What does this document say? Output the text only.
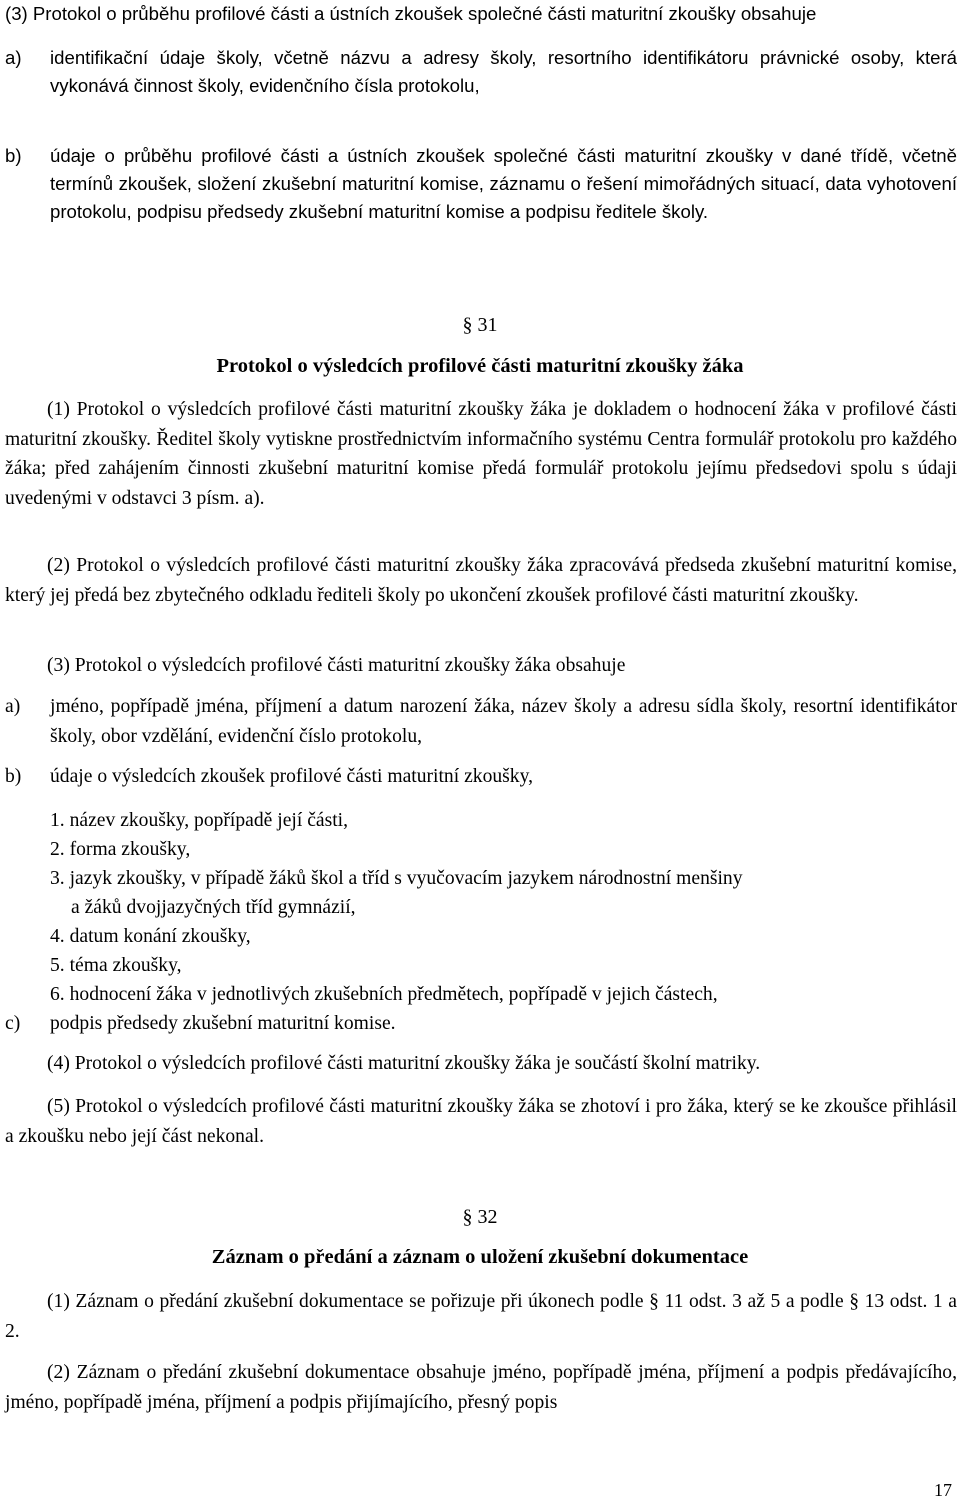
(3) Protokol o průběhu profilové části a ústních zkoušek společné části maturitní zkoušky obsahuje
a) identifikační údaje školy, včetně názvu a adresy školy, resortního identifikátoru právnické osoby, která vykonává činnost školy, evidenčního čísla protokolu,
b) údaje o průběhu profilové části a ústních zkoušek společné části maturitní zkoušky v dané třídě, včetně termínů zkoušek, složení zkušební maturitní komise, záznamu o řešení mimořádných situací, data vyhotovení protokolu, podpisu předsedy zkušební maturitní komise a podpisu ředitele školy.
§ 31
Protokol o výsledcích profilové části maturitní zkoušky žáka
(1) Protokol o výsledcích profilové části maturitní zkoušky žáka je dokladem o hodnocení žáka v profilové části maturitní zkoušky. Ředitel školy vytiskne prostřednictvím informačního systému Centra formulář protokolu pro každého žáka; před zahájením činnosti zkušební maturitní komise předá formulář protokolu jejímu předsedovi spolu s údaji uvedenými v odstavci 3 písm. a).
(2) Protokol o výsledcích profilové části maturitní zkoušky žáka zpracovává předseda zkušební maturitní komise, který jej předá bez zbytečného odkladu řediteli školy po ukončení zkoušek profilové části maturitní zkoušky.
(3) Protokol o výsledcích profilové části maturitní zkoušky žáka obsahuje
a) jméno, popřípadě jména, příjmení a datum narození žáka, název školy a adresu sídla školy, resortní identifikátor školy, obor vzdělání, evidenční číslo protokolu,
b) údaje o výsledcích zkoušek profilové části maturitní zkoušky,
1. název zkoušky, popřípadě její části,
2. forma zkoušky,
3. jazyk zkoušky, v případě žáků škol a tříd s vyučovacím jazykem národnostní menšiny
a žáků dvojjazyčných tříd gymnázií,
4. datum konání zkoušky,
5. téma zkoušky,
6. hodnocení žáka v jednotlivých zkušebních předmětech, popřípadě v jejich částech,
c) podpis předsedy zkušební maturitní komise.
(4) Protokol o výsledcích profilové části maturitní zkoušky žáka je součástí školní matriky.
(5) Protokol o výsledcích profilové části maturitní zkoušky žáka se zhotoví i pro žáka, který se ke zkoušce přihlásil a zkoušku nebo její část nekonal.
§ 32
Záznam o předání a záznam o uložení zkušební dokumentace
(1) Záznam o předání zkušební dokumentace se pořizuje při úkonech podle § 11 odst. 3 až 5 a podle § 13 odst. 1 a 2.
(2) Záznam o předání zkušební dokumentace obsahuje jméno, popřípadě jména, příjmení a podpis předávajícího, jméno, popřípadě jména, příjmení a podpis přijímajícího, přesný popis
17
